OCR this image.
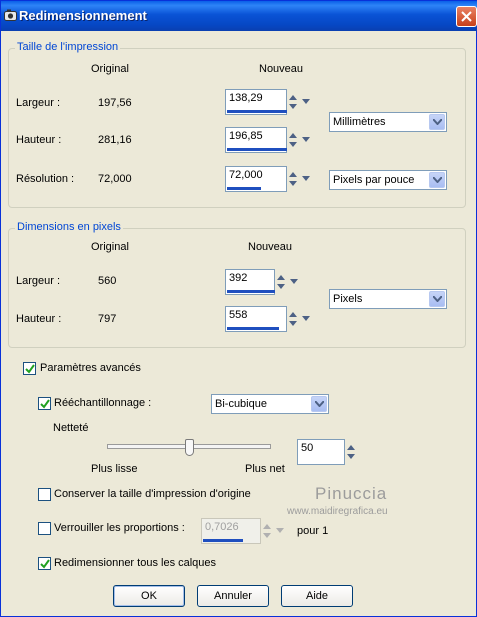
Redimensionnement
Taille de l'impression
Original	Nouveau
Largeur :	197,56	138,29
Millimètres
Hauteur :	281,16	196,85
Résolution : 72,000	72,000	Pixels par pouce
Dimensions en pixels
Original	Nouveau
Largeur :	560	392
Pixels
Hauteur :	797	558
Paramètres avancés
Rééchantillonnage :	Bi-cubique
Netteté
Plus lisse	Plus net
50
Conserver la taille d'impression d'origine
Verrouiller les proportions : 0,7026	pour 1
Redimensionner tous les calques
Pinuccia
www.maidiregrafica.eu
OK	Annuler	Aide
